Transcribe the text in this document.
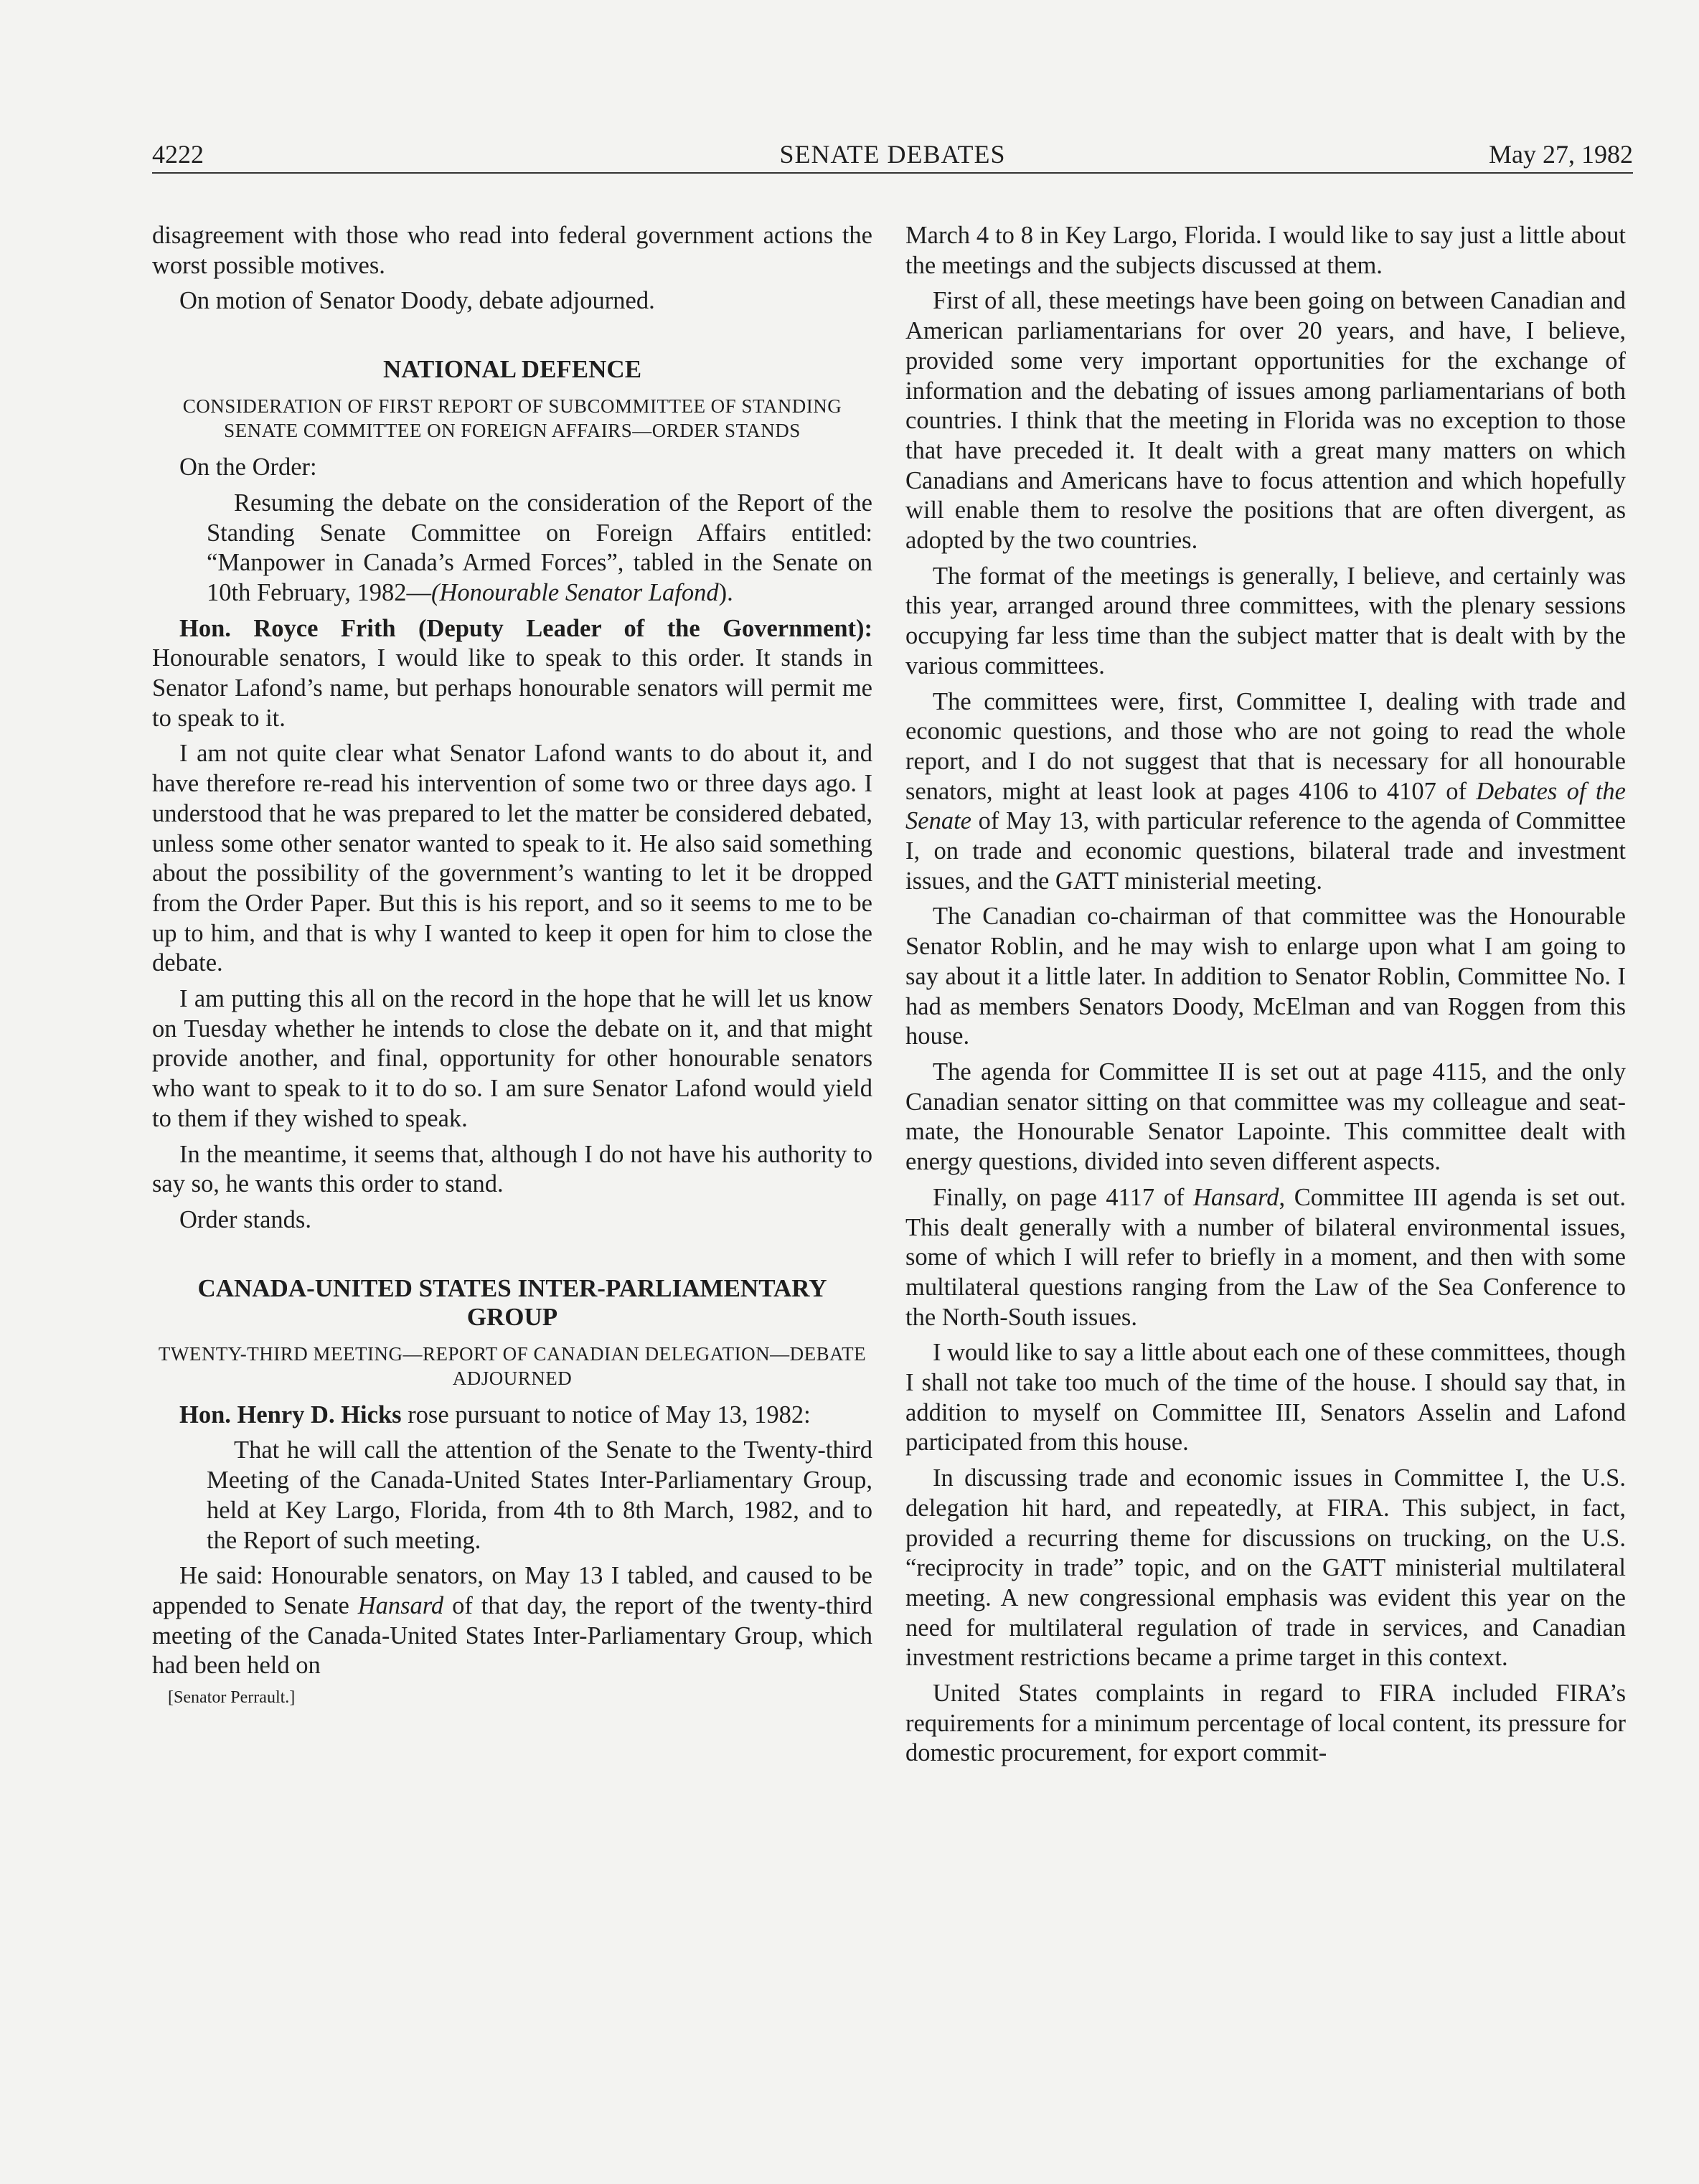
4222	SENATE DEBATES	May 27, 1982

disagreement with those who read into federal government actions the worst possible motives.

On motion of Senator Doody, debate adjourned.

NATIONAL DEFENCE
CONSIDERATION OF FIRST REPORT OF SUBCOMMITTEE OF STANDING SENATE COMMITTEE ON FOREIGN AFFAIRS—ORDER STANDS

On the Order:

Resuming the debate on the consideration of the Report of the Standing Senate Committee on Foreign Affairs entitled: “Manpower in Canada’s Armed Forces”, tabled in the Senate on 10th February, 1982—(Honourable Senator Lafond).

Hon. Royce Frith (Deputy Leader of the Government): Honourable senators, I would like to speak to this order. It stands in Senator Lafond’s name, but perhaps honourable senators will permit me to speak to it.

I am not quite clear what Senator Lafond wants to do about it, and have therefore re-read his intervention of some two or three days ago. I understood that he was prepared to let the matter be considered debated, unless some other senator wanted to speak to it. He also said something about the possibility of the government’s wanting to let it be dropped from the Order Paper. But this is his report, and so it seems to me to be up to him, and that is why I wanted to keep it open for him to close the debate.

I am putting this all on the record in the hope that he will let us know on Tuesday whether he intends to close the debate on it, and that might provide another, and final, opportunity for other honourable senators who want to speak to it to do so. I am sure Senator Lafond would yield to them if they wished to speak.

In the meantime, it seems that, although I do not have his authority to say so, he wants this order to stand.

Order stands.

CANADA-UNITED STATES INTER-PARLIAMENTARY GROUP
TWENTY-THIRD MEETING—REPORT OF CANADIAN DELEGATION—DEBATE ADJOURNED

Hon. Henry D. Hicks rose pursuant to notice of May 13, 1982:

That he will call the attention of the Senate to the Twenty-third Meeting of the Canada-United States Inter-Parliamentary Group, held at Key Largo, Florida, from 4th to 8th March, 1982, and to the Report of such meeting.

He said: Honourable senators, on May 13 I tabled, and caused to be appended to Senate Hansard of that day, the report of the twenty-third meeting of the Canada-United States Inter-Parliamentary Group, which had been held on

[Senator Perrault.]

March 4 to 8 in Key Largo, Florida. I would like to say just a little about the meetings and the subjects discussed at them.

First of all, these meetings have been going on between Canadian and American parliamentarians for over 20 years, and have, I believe, provided some very important opportunities for the exchange of information and the debating of issues among parliamentarians of both countries. I think that the meeting in Florida was no exception to those that have preceded it. It dealt with a great many matters on which Canadians and Americans have to focus attention and which hopefully will enable them to resolve the positions that are often divergent, as adopted by the two countries.

The format of the meetings is generally, I believe, and certainly was this year, arranged around three committees, with the plenary sessions occupying far less time than the subject matter that is dealt with by the various committees.

The committees were, first, Committee I, dealing with trade and economic questions, and those who are not going to read the whole report, and I do not suggest that that is necessary for all honourable senators, might at least look at pages 4106 to 4107 of Debates of the Senate of May 13, with particular reference to the agenda of Committee I, on trade and economic questions, bilateral trade and investment issues, and the GATT ministerial meeting.

The Canadian co-chairman of that committee was the Honourable Senator Roblin, and he may wish to enlarge upon what I am going to say about it a little later. In addition to Senator Roblin, Committee No. I had as members Senators Doody, McElman and van Roggen from this house.

The agenda for Committee II is set out at page 4115, and the only Canadian senator sitting on that committee was my colleague and seat-mate, the Honourable Senator Lapointe. This committee dealt with energy questions, divided into seven different aspects.

Finally, on page 4117 of Hansard, Committee III agenda is set out. This dealt generally with a number of bilateral environmental issues, some of which I will refer to briefly in a moment, and then with some multilateral questions ranging from the Law of the Sea Conference to the North-South issues.

I would like to say a little about each one of these committees, though I shall not take too much of the time of the house. I should say that, in addition to myself on Committee III, Senators Asselin and Lafond participated from this house.

In discussing trade and economic issues in Committee I, the U.S. delegation hit hard, and repeatedly, at FIRA. This subject, in fact, provided a recurring theme for discussions on trucking, on the U.S. “reciprocity in trade” topic, and on the GATT ministerial multilateral meeting. A new congressional emphasis was evident this year on the need for multilateral regulation of trade in services, and Canadian investment restrictions became a prime target in this context.

United States complaints in regard to FIRA included FIRA’s requirements for a minimum percentage of local content, its pressure for domestic procurement, for export commit-
